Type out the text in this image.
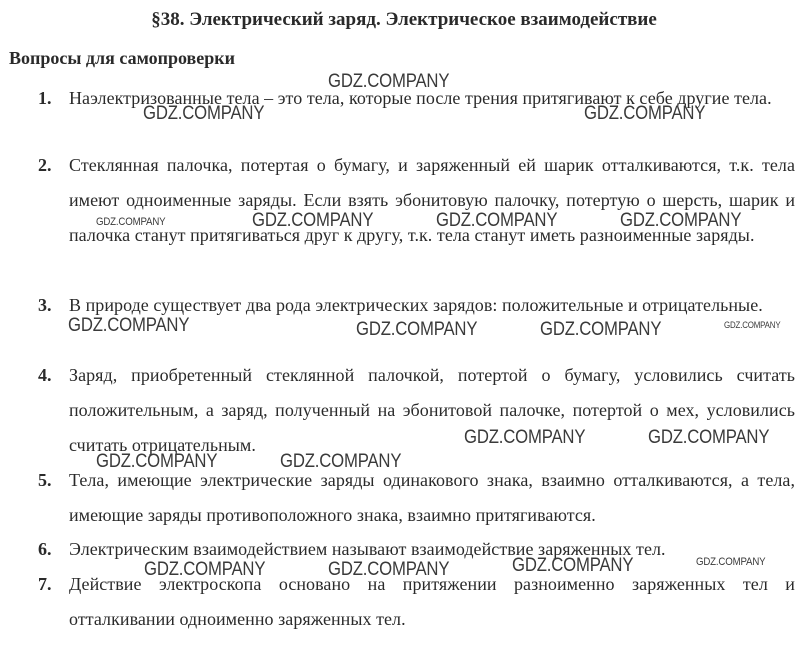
§38. Электрический заряд. Электрическое взаимодействие
Вопросы для самопроверки
1. Наэлектризованные тела – это тела, которые после трения притягивают к себе другие тела.
2. Стеклянная палочка, потертая о бумагу, и заряженный ей шарик отталкиваются, т.к. тела имеют одноименные заряды. Если взять эбонитовую палочку, потертую о шерсть, шарик и палочка станут притягиваться друг к другу, т.к. тела станут иметь разноименные заряды.
3. В природе существует два рода электрических зарядов: положительные и отрицательные.
4. Заряд, приобретенный стеклянной палочкой, потертой о бумагу, условились считать положительным, а заряд, полученный на эбонитовой палочке, потертой о мех, условились считать отрицательным.
5. Тела, имеющие электрические заряды одинакового знака, взаимно отталкиваются, а тела, имеющие заряды противоположного знака, взаимно притягиваются.
6. Электрическим взаимодействием называют взаимодействие заряженных тел.
7. Действие электроскопа основано на притяжении разноименно заряженных тел и отталкивании одноименно заряженных тел.
GDZ.COMPANY
GDZ.COMPANY	GDZ.COMPANY
GDZ.COMPANY	GDZ.COMPANY	GDZ.COMPANY	GDZ.COMPANY
GDZ.COMPANY	GDZ.COMPANY	GDZ.COMPANY	GDZ.COMPANY
GDZ.COMPANY	GDZ.COMPANY
GDZ.COMPANY	GDZ.COMPANY
GDZ.COMPANY	GDZ.COMPANY	GDZ.COMPANY	GDZ.COMPANY
